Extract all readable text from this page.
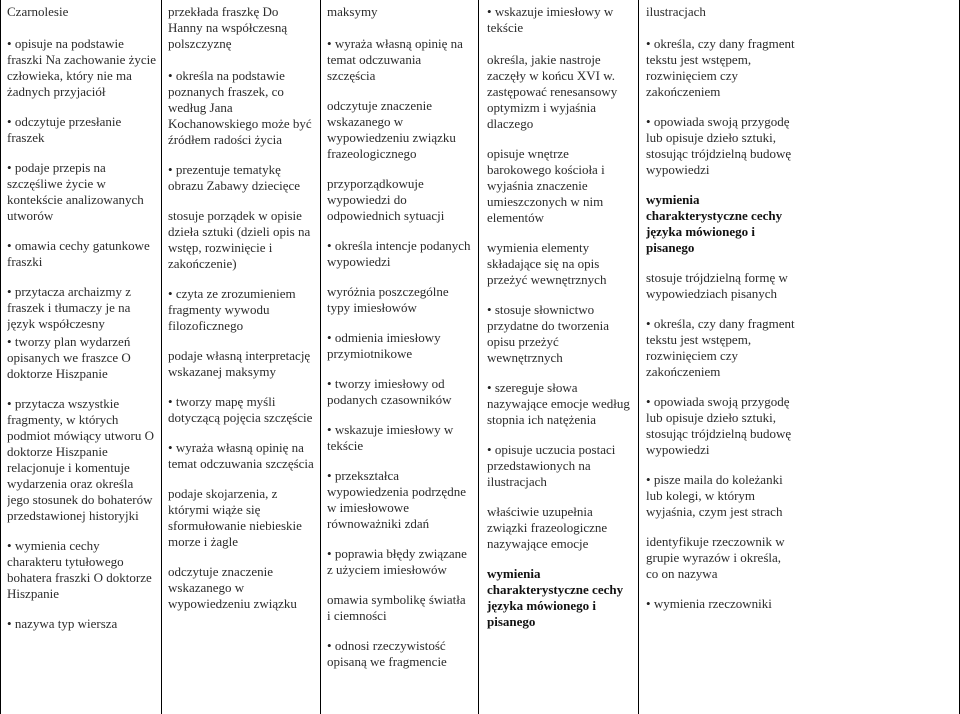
Czarnolesie
• opisuje na podstawie fraszki Na zachowanie życie człowieka, który nie ma żadnych przyjaciół
• odczytuje przesłanie fraszek
• podaje przepis na szczęśliwe życie w kontekście analizowanych utworów
• omawia cechy gatunkowe fraszki
• przytacza archaizmy z fraszek i tłumaczy je na język współczesny
• tworzy plan wydarzeń opisanych we fraszce O doktorze Hiszpanie
• przytacza wszystkie fragmenty, w których podmiot mówiący utworu O doktorze Hiszpanie relacjonuje i komentuje wydarzenia oraz określa jego stosunek do bohaterów przedstawionej historyjki
• wymienia cechy charakteru tytułowego bohatera fraszki O doktorze Hiszpanie
• nazywa typ wiersza
przekłada fraszkę Do Hanny na współczesną polszczyznę
• określa na podstawie poznanych fraszek, co według Jana Kochanowskiego może być źródłem radości życia
• prezentuje tematykę obrazu Zabawy dziecięce
stosuje porządek w opisie dzieła sztuki (dzieli opis na wstęp, rozwinięcie i zakończenie)
• czyta ze zrozumieniem fragmenty wywodu filozoficznego
podaje własną interpretację wskazanej maksymy
• tworzy mapę myśli dotyczącą pojęcia szczęście
• wyraża własną opinię na temat odczuwania szczęścia
podaje skojarzenia, z którymi wiąże się sformułowanie niebieskie morze i żagle
odczytuje znaczenie wskazanego w wypowiedzeniu związku
maksymy
• wyraża własną opinię na temat odczuwania szczęścia
odczytuje znaczenie wskazanego w wypowiedzeniu związku frazeologicznego
przyporządkowuje wypowiedzi do odpowiednich sytuacji
• określa intencje podanych wypowiedzi
wyróżnia poszczególne typy imiesłowów
• odmienia imiesłowy przymiotnikowe
• tworzy imiesłowy od podanych czasowników
• wskazuje imiesłowy w tekście
• przekształca wypowiedzenia podrzędne w imiesłowowe równoważniki zdań
• poprawia błędy związane z użyciem imiesłowów
omawia symbolikę światła i ciemności
• odnosi rzeczywistość opisaną we fragmencie
• wskazuje imiesłowy w tekście
określa, jakie nastroje zaczęły w końcu XVI w. zastępować renesansowy optymizm i wyjaśnia dlaczego
opisuje wnętrze barokowego kościoła i wyjaśnia znaczenie umieszczonych w nim elementów
wymienia elementy składające się na opis przeżyć wewnętrznych
• stosuje słownictwo przydatne do tworzenia opisu przeżyć wewnętrznych
• szereguje słowa nazywające emocje według stopnia ich natężenia
• opisuje uczucia postaci przedstawionych na ilustracjach
właściwie uzupełnia związki frazeologiczne nazywające emocje
wymienia charakterystyczne cechy języka mówionego i pisanego
ilustracjach
• określa, czy dany fragment tekstu jest wstępem, rozwinięciem czy zakończeniem
• opowiada swoją przygodę lub opisuje dzieło sztuki, stosując trójdzielną budowę wypowiedzi
wymienia charakterystyczne cechy języka mówionego i pisanego
stosuje trójdzielną formę w wypowiedziach pisanych
• określa, czy dany fragment tekstu jest wstępem, rozwinięciem czy zakończeniem
• opowiada swoją przygodę lub opisuje dzieło sztuki, stosując trójdzielną budowę wypowiedzi
• pisze maila do koleżanki lub kolegi, w którym wyjaśnia, czym jest strach
identyfikuje rzeczownik w grupie wyrazów i określa, co on nazywa
• wymienia rzeczowniki
